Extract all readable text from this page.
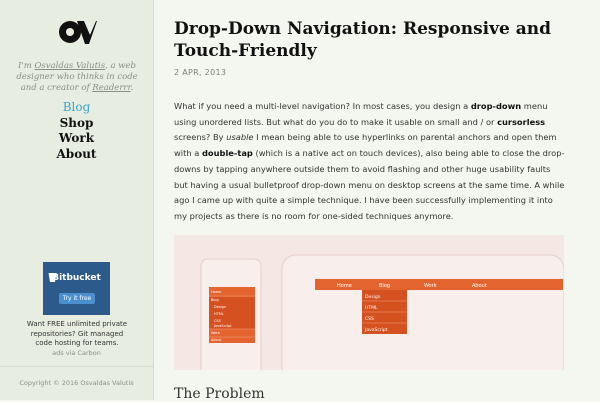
I'm Osvaldas Valutis, a web designer who thinks in code and a creator of Readerrr.
Blog
Shop
Work
About
Bitbucket
Try it free
Want FREE unlimited private repositories? Git managed code hosting for teams.
ads via Carbon
Copyright © 2016 Osvaldas Valutis
Drop-Down Navigation: Responsive and Touch-Friendly
2 APR, 2013
What if you need a multi-level navigation? In most cases, you design a drop-down menu using unordered lists. But what do you do to make it usable on small and / or cursorless screens? By usable I mean being able to use hyperlinks on parental anchors and open them with a double-tap (which is a native act on touch devices), also being able to close the drop-downs by tapping anywhere outside them to avoid flashing and other huge usability faults but having a usual bulletproof drop-down menu on desktop screens at the same time. A while ago I came up with quite a simple technique. I have been successfully implementing it into my projects as there is no room for one-sided techniques anymore.
Home	Blog	Work	About
Design
HTML
CSS
JavaScript
Home
Blog
Design
HTML
CSS
JavaScript
Work
About
The Problem
